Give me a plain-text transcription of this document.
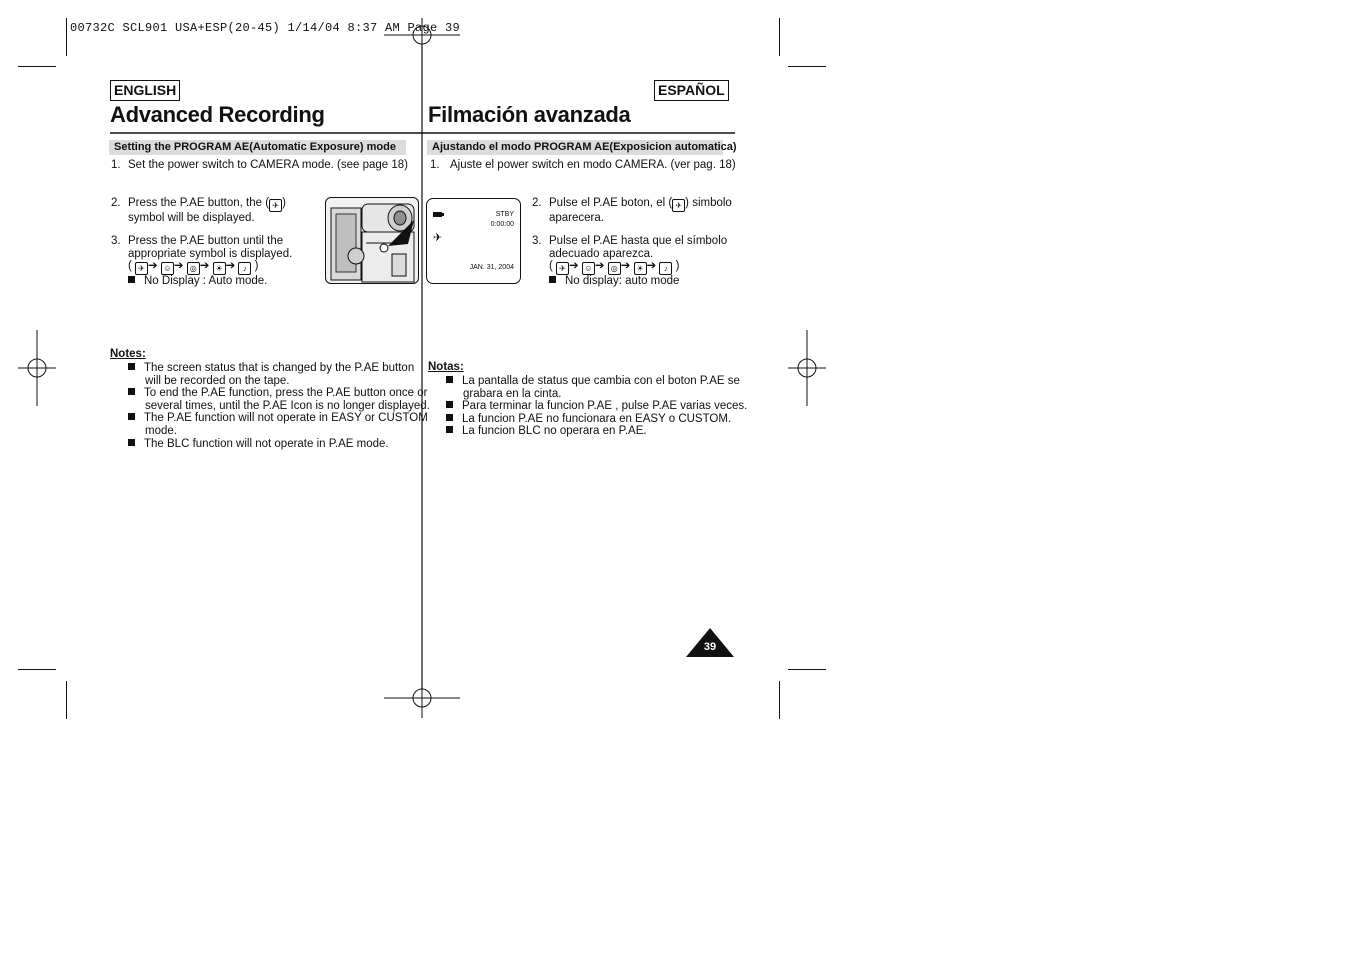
00732C SCL901 USA+ESP(20-45) 1/14/04 8:37 AM Page 39
ENGLISH
Advanced Recording
Setting the PROGRAM AE(Automatic Exposure) mode
1. Set the power switch to CAMERA mode. (see page 18)
2. Press the P.AE button, the ( ✈ )
symbol will be displayed.
3. Press the P.AE button until the
appropriate symbol is displayed.
( ✈ ➔ ☺ ➔ ◎ ➔ ☀ ➔ ♪ )
No Display : Auto mode.
STBY
0:00:00
✈
JAN. 31, 2004
Notes:
The screen status that is changed by the P.AE button
will be recorded on the tape.
To end the P.AE function, press the P.AE button once or
several times, until the P.AE Icon is no longer displayed.
The P.AE function will not operate in EASY or CUSTOM
mode.
The BLC function will not operate in P.AE mode.
ESPAÑOL
Filmación avanzada
Ajustando el modo PROGRAM AE(Exposicion automatica)
1. Ajuste el power switch en modo CAMERA. (ver pag. 18)
2. Pulse el P.AE boton, el ( ✈ ) simbolo
aparecera.
3. Pulse el P.AE hasta que el símbolo
adecuado aparezca.
( ✈ ➔ ☺ ➔ ◎ ➔ ☀ ➔ ♪ )
No display: auto mode
Notas:
La pantalla de status que cambia con el boton P.AE se
grabara en la cinta.
Para terminar la funcion P.AE , pulse P.AE varias veces.
La funcion P.AE no funcionara en EASY o CUSTOM.
La funcion BLC no operara en P.AE.
39
